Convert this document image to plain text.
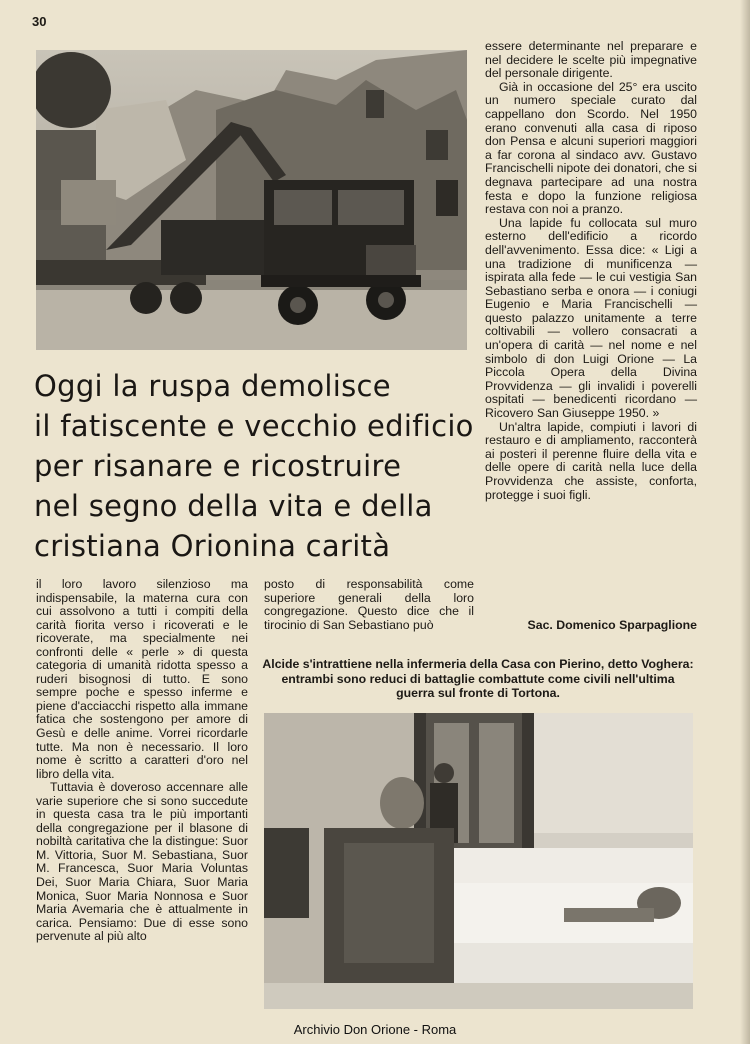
30

essere determinante nel preparare e nel decidere le scelte più impegnative del personale dirigente.

Già in occasione del 25° era uscito un numero speciale curato dal cappellano don Scordo. Nel 1950 erano convenuti alla casa di riposo don Pensa e alcuni superiori maggiori a far corona al sindaco avv. Gustavo Francischelli nipote dei donatori, che si degnava partecipare ad una nostra festa e dopo la funzione religiosa restava con noi a pranzo.

Una lapide fu collocata sul muro esterno dell'edificio a ricordo dell'avvenimento. Essa dice: « Ligi a una tradizione di munificenza — ispirata alla fede — le cui vestigia San Sebastiano serba e onora — i coniugi Eugenio e Maria Francischelli — questo palazzo unitamente a terre coltivabili — vollero consacrati a un'opera di carità — nel nome e nel simbolo di don Luigi Orione — La Piccola Opera della Divina Provvidenza — gli invalidi i poverelli ospitati — benedicenti ricordano — Ricovero San Giuseppe 1950. »

Un'altra lapide, compiuti i lavori di restauro e di ampliamento, racconterà ai posteri il perenne fluire della vita e delle opere di carità nella luce della Provvidenza che assiste, conforta, protegge i suoi figli.

Oggi la ruspa demolisce
il fatiscente e vecchio edificio
per risanare e ricostruire
nel segno della vita e della
cristiana Orionina carità

il loro lavoro silenzioso ma indispensabile, la materna cura con cui assolvono a tutti i compiti della carità fiorita verso i ricoverati e le ricoverate, ma specialmente nei confronti delle « perle » di questa categoria di umanità ridotta spesso a ruderi bisognosi di tutto. E sono sempre poche e spesso inferme e piene d'acciacchi rispetto alla immane fatica che sostengono per amore di Gesù e delle anime. Vorrei ricordarle tutte. Ma non è necessario. Il loro nome è scritto a caratteri d'oro nel libro della vita.

Tuttavia è doveroso accennare alle varie superiore che si sono succedute in questa casa tra le più importanti della congregazione per il blasone di nobiltà caritativa che la distingue: Suor M. Vittoria, Suor M. Sebastiana, Suor M. Francesca, Suor Maria Voluntas Dei, Suor Maria Chiara, Suor Maria Monica, Suor Maria Nonnosa e Suor Maria Avemaria che è attualmente in carica. Pensiamo: Due di esse sono pervenute al più alto

posto di responsabilità come superiore generali della loro congregazione. Questo dice che il tirocinio di San Sebastiano può	Sac. Domenico Sparpaglione
Alcide s'intrattiene nella infermeria della Casa con Pierino, detto Voghera: entrambi sono reduci di battaglie combattute come civili nell'ultima guerra sul fronte di Tortona.
Archivio Don Orione - Roma
